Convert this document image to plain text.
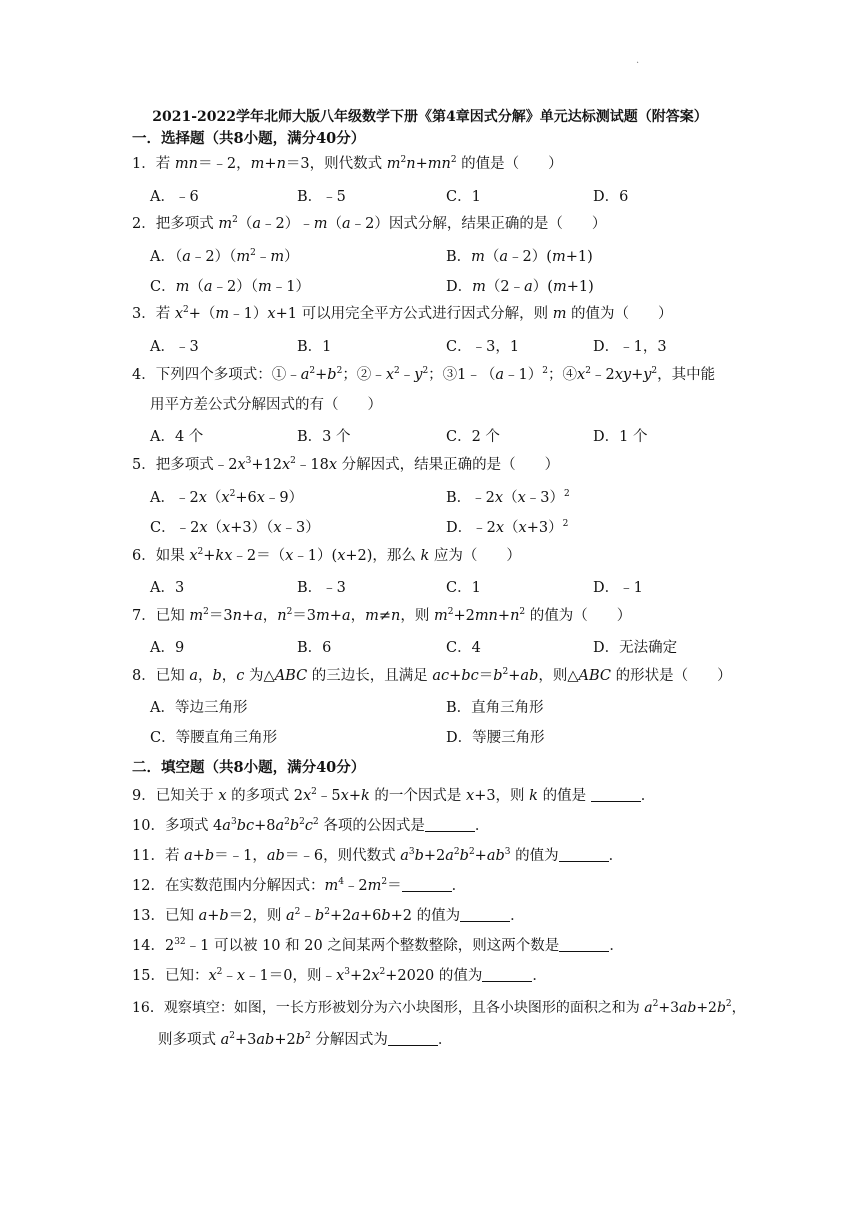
·
2021-2022学年北师大版八年级数学下册《第4章因式分解》单元达标测试题（附答案）
一．选择题（共8小题，满分40分）
1．若 mn＝﹣2，m+n＝3，则代数式 $m^2n+mn^2$ 的值是（　　）
A．﹣6	B．﹣5	C．1	D．6
2．把多项式 $m^2(a﹣2)﹣m(a﹣2)$因式分解，结果正确的是（　　）
A．$(a﹣2)(m^2﹣m)$	B．m（a﹣2）(m+1)
C．m（a﹣2）（m﹣1）	D．m（2﹣a）(m+1)
3．若 $x^2+(m﹣1)x+1$ 可以用完全平方公式进行因式分解，则 m 的值为（　　）
A．﹣3	B．1	C．﹣3，1	D．﹣1，3
4．下列四个多项式：$①﹣a^2+b^2$；$②﹣x^2﹣y^2$；③1﹣（a﹣1）$^2$；$④x^2﹣2xy+y^2$，其中能
用平方差公式分解因式的有（　　）
A．4 个	B．3 个	C．2 个	D．1 个
5．把多项式$﹣2x^3+12x^2﹣18x$ 分解因式，结果正确的是（　　）
A．$﹣2x(x^2+6x﹣9)$	B．﹣2x（x﹣3）$^2$
C．﹣2x（x+3）（x﹣3）	D．$﹣2x(x+3)^2$
6．如果 $x^2+kx﹣2=(x﹣1)(x+2)$，那么 k 应为（　　）
A．3	B．﹣3	C．1	D．﹣1
7．已知 $m^2=3n+a$，$n^2=3m+a$，m≠n，则 $m^2+2mn+n^2$ 的值为（　　）
A．9	B．6	C．4	D．无法确定
8．已知 a，b，c 为△ABC 的三边长，且满足 $ac+bc=b^2+ab$，则△ABC 的形状是（　　）
A．等边三角形	B．直角三角形
C．等腰直角三角形	D．等腰三角形
二．填空题（共8小题，满分40分）
9．已知关于 x 的多项式 $2x^2﹣5x+k$ 的一个因式是 x+3，则 k 的值是	．
10．多项式 $4a^3bc+8a^2b^2c^2$ 各项的公因式是	．
11．若 a+b＝﹣1，ab＝﹣6，则代数式 $a^3b+2a^2b^2+ab^3$ 的值为	．
12．在实数范围内分解因式：$m^4﹣2m^2=$	．
13．已知 a+b＝2，则 $a^2﹣b^2+2a+6b+2$ 的值为	．
14．$2^{32}﹣1$ 可以被 10 和 20 之间某两个整数整除，则这两个数是	．
15．已知：$x^2﹣x﹣1=0$，则$﹣x^3+2x^2+2020$ 的值为	．
16．观察填空：如图，一长方形被划分为六小块图形，且各小块图形的面积之和为 $a^2+3ab+2b^2$，
则多项式 $a^2+3ab+2b^2$ 分解因式为	．
